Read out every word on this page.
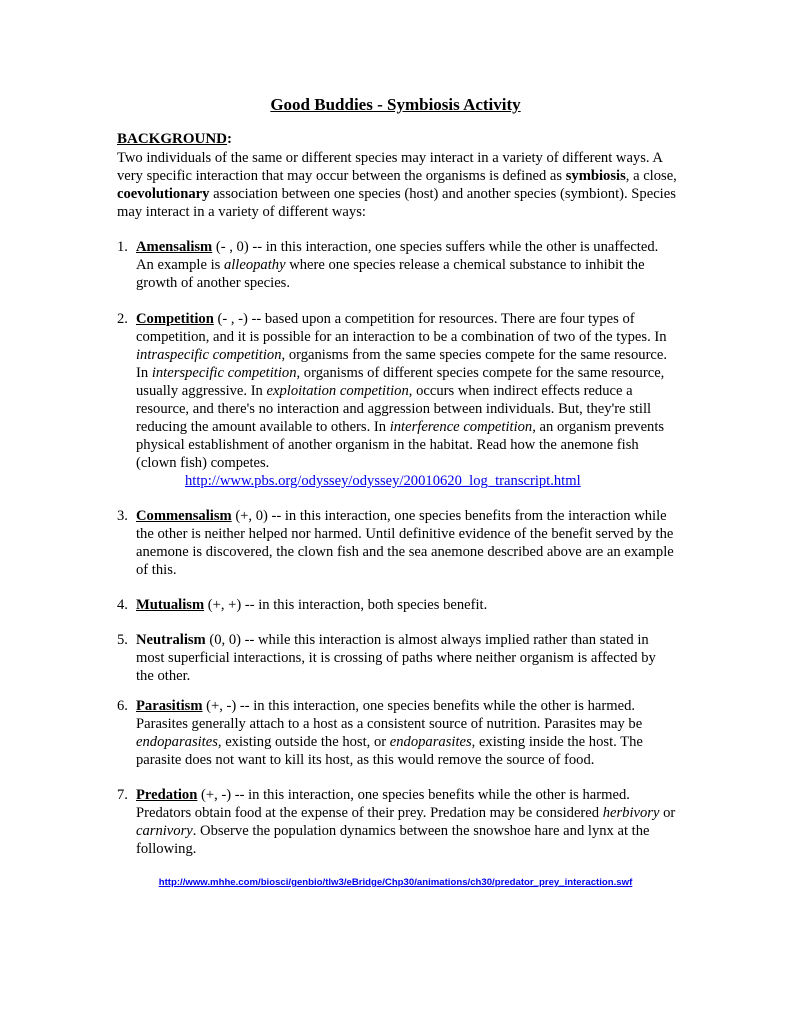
Good Buddies - Symbiosis Activity
BACKGROUND:
Two individuals of the same or different species may interact in a variety of different ways. A very specific interaction that may occur between the organisms is defined as symbiosis, a close, coevolutionary association between one species (host) and another species (symbiont). Species may interact in a variety of different ways:
1. Amensalism (- , 0) -- in this interaction, one species suffers while the other is unaffected. An example is alleopathy where one species release a chemical substance to inhibit the growth of another species.
2. Competition (- , -) -- based upon a competition for resources. There are four types of competition, and it is possible for an interaction to be a combination of two of the types. In intraspecific competition, organisms from the same species compete for the same resource. In interspecific competition, organisms of different species compete for the same resource, usually aggressive. In exploitation competition, occurs when indirect effects reduce a resource, and there's no interaction and aggression between individuals. But, they're still reducing the amount available to others. In interference competition, an organism prevents physical establishment of another organism in the habitat. Read how the anemone fish (clown fish) competes.
http://www.pbs.org/odyssey/odyssey/20010620_log_transcript.html
3. Commensalism (+, 0) -- in this interaction, one species benefits from the interaction while the other is neither helped nor harmed. Until definitive evidence of the benefit served by the anemone is discovered, the clown fish and the sea anemone described above are an example of this.
4. Mutualism (+, +) -- in this interaction, both species benefit.
5. Neutralism (0, 0) -- while this interaction is almost always implied rather than stated in most superficial interactions, it is crossing of paths where neither organism is affected by the other.
6. Parasitism (+, -) -- in this interaction, one species benefits while the other is harmed. Parasites generally attach to a host as a consistent source of nutrition. Parasites may be endoparasites, existing outside the host, or endoparasites, existing inside the host. The parasite does not want to kill its host, as this would remove the source of food.
7. Predation (+, -) -- in this interaction, one species benefits while the other is harmed. Predators obtain food at the expense of their prey. Predation may be considered herbivory or carnivory. Observe the population dynamics between the snowshoe hare and lynx at the following.
http://www.mhhe.com/biosci/genbio/tlw3/eBridge/Chp30/animations/ch30/predator_prey_interaction.swf
